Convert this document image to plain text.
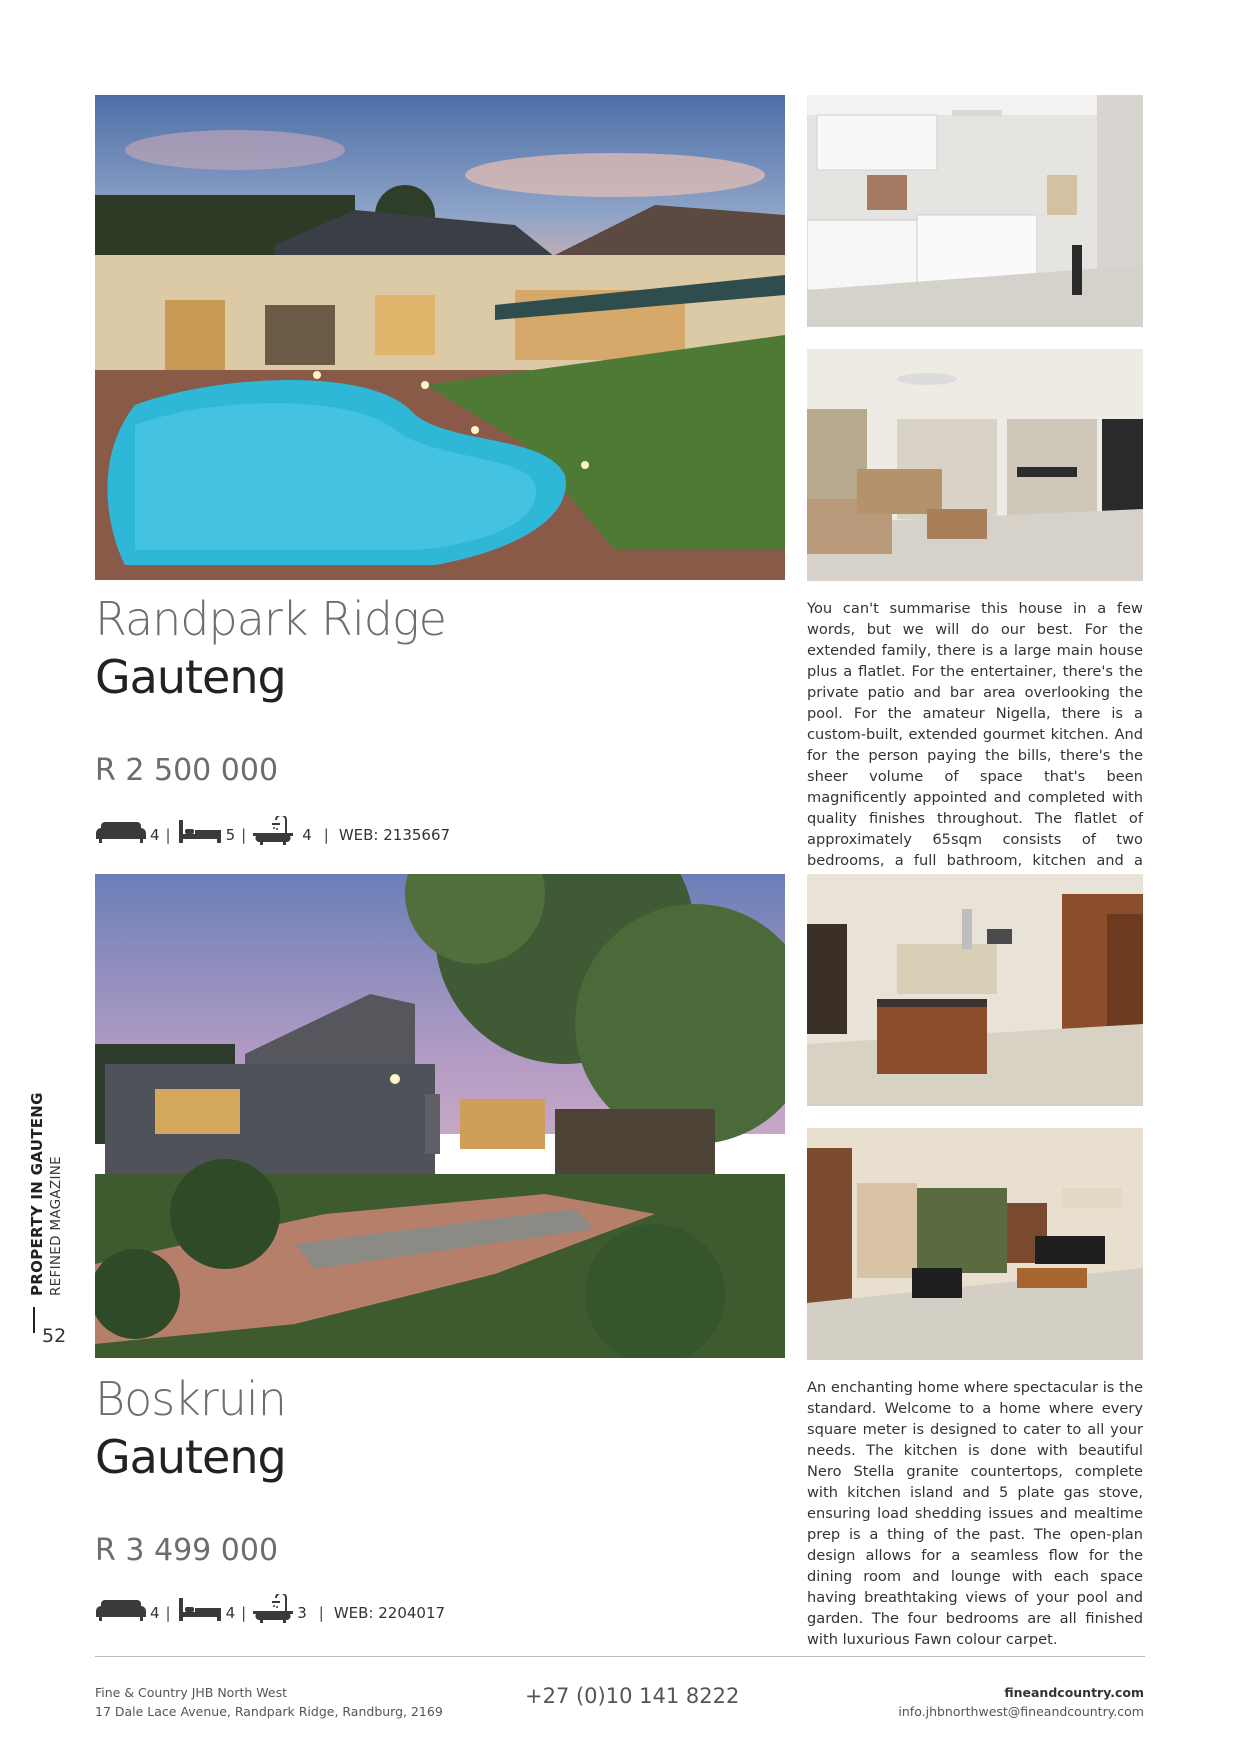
Randpark Ridge
Gauteng
R 2 500 000
4 |	5 |	4 | WEB: 2135667

You can't summarise this house in a few words, but we will do our best. For the extended family, there is a large main house plus a flatlet. For the entertainer, there's the private patio and bar area overlooking the pool. For the amateur Nigella, there is a custom-built, extended gourmet kitchen. And for the person paying the bills, there's the sheer volume of space that's been magnificently appointed and completed with quality finishes throughout. The flatlet of approximately 65sqm consists of two bedrooms, a full bathroom, kitchen and a

Boskruin
Gauteng
R 3 499 000
4 |	4 |	3 | WEB: 2204017

An enchanting home where spectacular is the standard. Welcome to a home where every square meter is designed to cater to all your needs. The kitchen is done with beautiful Nero Stella granite countertops, complete with kitchen island and 5 plate gas stove, ensuring load shedding issues and mealtime prep is a thing of the past. The open-plan design allows for a seamless flow for the dining room and lounge with each space having breathtaking views of your pool and garden. The four bedrooms are all finished with luxurious Fawn colour carpet.

PROPERTY IN GAUTENG REFINED MAGAZINE
52
Fine & Country JHB North West
17 Dale Lace Avenue, Randpark Ridge, Randburg, 2169
+27 (0)10 141 8222	fineandcountry.com
info.jhbnorthwest@fineandcountry.com
